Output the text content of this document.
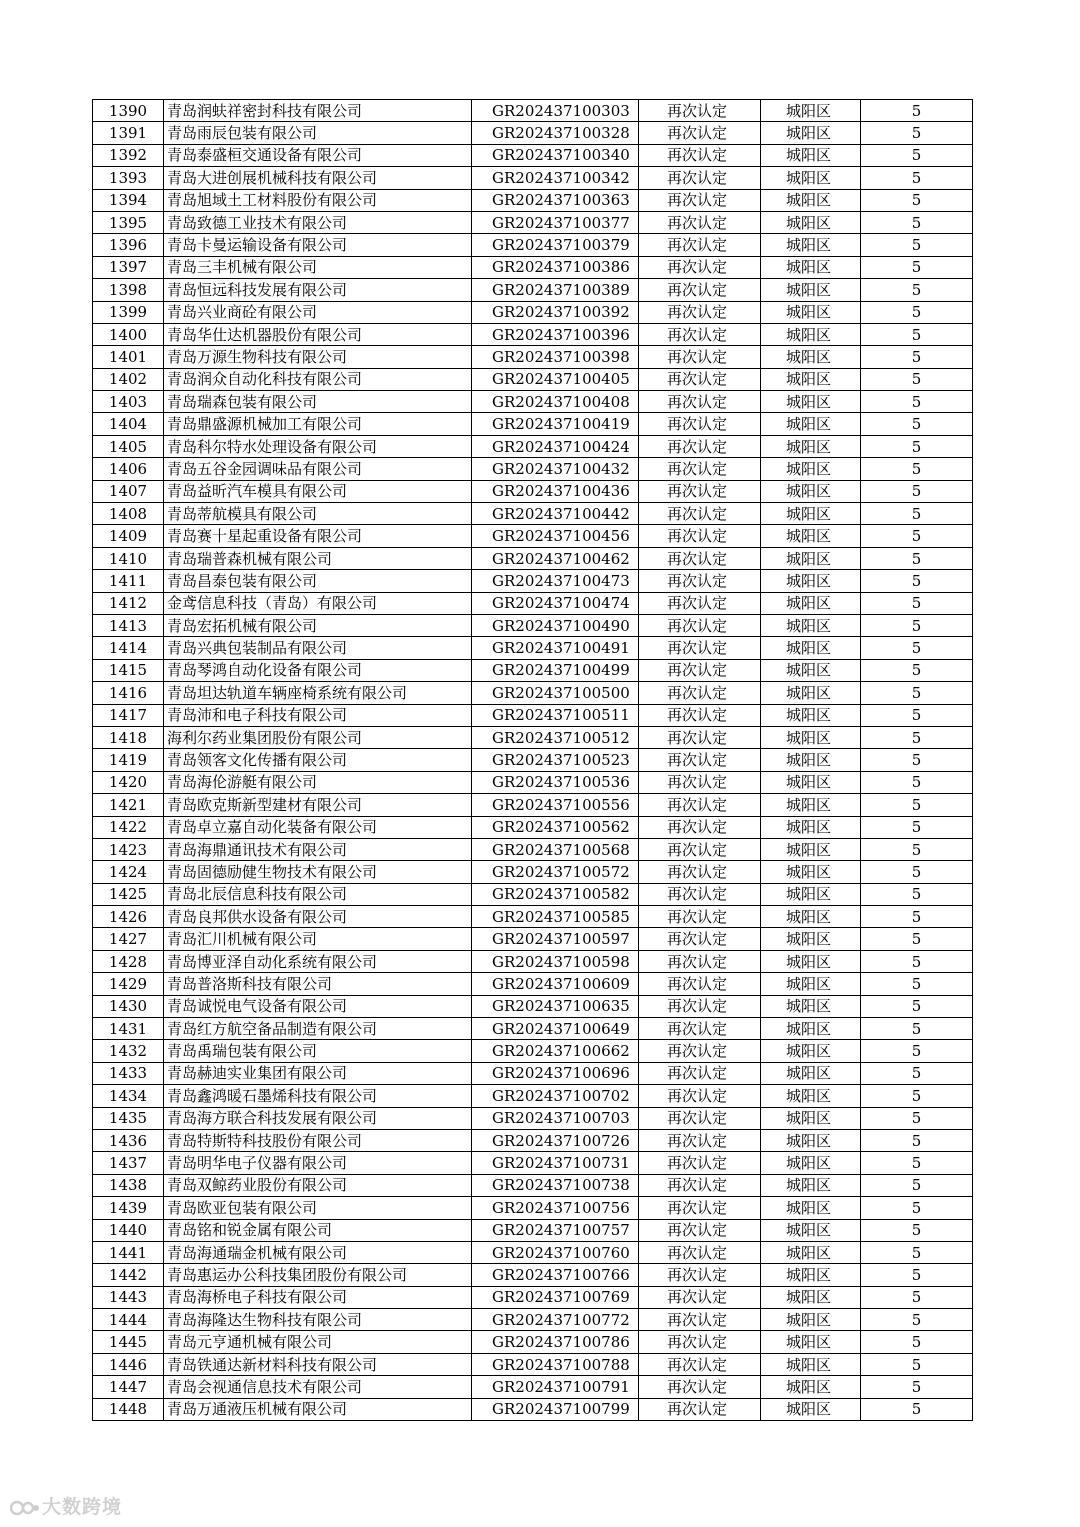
1390	青岛润蚨祥密封科技有限公司	GR202437100303	再次认定	城阳区	5
1391	青岛雨辰包装有限公司	GR202437100328	再次认定	城阳区	5
1392	青岛泰盛桓交通设备有限公司	GR202437100340	再次认定	城阳区	5
1393	青岛大进创展机械科技有限公司	GR202437100342	再次认定	城阳区	5
1394	青岛旭域土工材料股份有限公司	GR202437100363	再次认定	城阳区	5
1395	青岛致德工业技术有限公司	GR202437100377	再次认定	城阳区	5
1396	青岛卡曼运输设备有限公司	GR202437100379	再次认定	城阳区	5
1397	青岛三丰机械有限公司	GR202437100386	再次认定	城阳区	5
1398	青岛恒远科技发展有限公司	GR202437100389	再次认定	城阳区	5
1399	青岛兴业商砼有限公司	GR202437100392	再次认定	城阳区	5
1400	青岛华仕达机器股份有限公司	GR202437100396	再次认定	城阳区	5
1401	青岛万源生物科技有限公司	GR202437100398	再次认定	城阳区	5
1402	青岛润众自动化科技有限公司	GR202437100405	再次认定	城阳区	5
1403	青岛瑞森包装有限公司	GR202437100408	再次认定	城阳区	5
1404	青岛鼎盛源机械加工有限公司	GR202437100419	再次认定	城阳区	5
1405	青岛科尔特水处理设备有限公司	GR202437100424	再次认定	城阳区	5
1406	青岛五谷金园调味品有限公司	GR202437100432	再次认定	城阳区	5
1407	青岛益昕汽车模具有限公司	GR202437100436	再次认定	城阳区	5
1408	青岛蒂航模具有限公司	GR202437100442	再次认定	城阳区	5
1409	青岛赛十星起重设备有限公司	GR202437100456	再次认定	城阳区	5
1410	青岛瑞普森机械有限公司	GR202437100462	再次认定	城阳区	5
1411	青岛昌泰包装有限公司	GR202437100473	再次认定	城阳区	5
1412	金鸢信息科技（青岛）有限公司	GR202437100474	再次认定	城阳区	5
1413	青岛宏拓机械有限公司	GR202437100490	再次认定	城阳区	5
1414	青岛兴典包装制品有限公司	GR202437100491	再次认定	城阳区	5
1415	青岛琴鸿自动化设备有限公司	GR202437100499	再次认定	城阳区	5
1416	青岛坦达轨道车辆座椅系统有限公司	GR202437100500	再次认定	城阳区	5
1417	青岛沛和电子科技有限公司	GR202437100511	再次认定	城阳区	5
1418	海利尔药业集团股份有限公司	GR202437100512	再次认定	城阳区	5
1419	青岛领客文化传播有限公司	GR202437100523	再次认定	城阳区	5
1420	青岛海伦游艇有限公司	GR202437100536	再次认定	城阳区	5
1421	青岛欧克斯新型建材有限公司	GR202437100556	再次认定	城阳区	5
1422	青岛卓立嘉自动化装备有限公司	GR202437100562	再次认定	城阳区	5
1423	青岛海鼎通讯技术有限公司	GR202437100568	再次认定	城阳区	5
1424	青岛固德励健生物技术有限公司	GR202437100572	再次认定	城阳区	5
1425	青岛北辰信息科技有限公司	GR202437100582	再次认定	城阳区	5
1426	青岛良邦供水设备有限公司	GR202437100585	再次认定	城阳区	5
1427	青岛汇川机械有限公司	GR202437100597	再次认定	城阳区	5
1428	青岛博亚泽自动化系统有限公司	GR202437100598	再次认定	城阳区	5
1429	青岛普洛斯科技有限公司	GR202437100609	再次认定	城阳区	5
1430	青岛诚悦电气设备有限公司	GR202437100635	再次认定	城阳区	5
1431	青岛红方航空备品制造有限公司	GR202437100649	再次认定	城阳区	5
1432	青岛禹瑞包装有限公司	GR202437100662	再次认定	城阳区	5
1433	青岛赫迪实业集团有限公司	GR202437100696	再次认定	城阳区	5
1434	青岛鑫鸿暖石墨烯科技有限公司	GR202437100702	再次认定	城阳区	5
1435	青岛海方联合科技发展有限公司	GR202437100703	再次认定	城阳区	5
1436	青岛特斯特科技股份有限公司	GR202437100726	再次认定	城阳区	5
1437	青岛明华电子仪器有限公司	GR202437100731	再次认定	城阳区	5
1438	青岛双鲸药业股份有限公司	GR202437100738	再次认定	城阳区	5
1439	青岛欧亚包装有限公司	GR202437100756	再次认定	城阳区	5
1440	青岛铭和锐金属有限公司	GR202437100757	再次认定	城阳区	5
1441	青岛海通瑞金机械有限公司	GR202437100760	再次认定	城阳区	5
1442	青岛惠运办公科技集团股份有限公司	GR202437100766	再次认定	城阳区	5
1443	青岛海桥电子科技有限公司	GR202437100769	再次认定	城阳区	5
1444	青岛海隆达生物科技有限公司	GR202437100772	再次认定	城阳区	5
1445	青岛元亨通机械有限公司	GR202437100786	再次认定	城阳区	5
1446	青岛铁通达新材料科技有限公司	GR202437100788	再次认定	城阳区	5
1447	青岛会视通信息技术有限公司	GR202437100791	再次认定	城阳区	5
1448	青岛万通液压机械有限公司	GR202437100799	再次认定	城阳区	5
大数跨境
